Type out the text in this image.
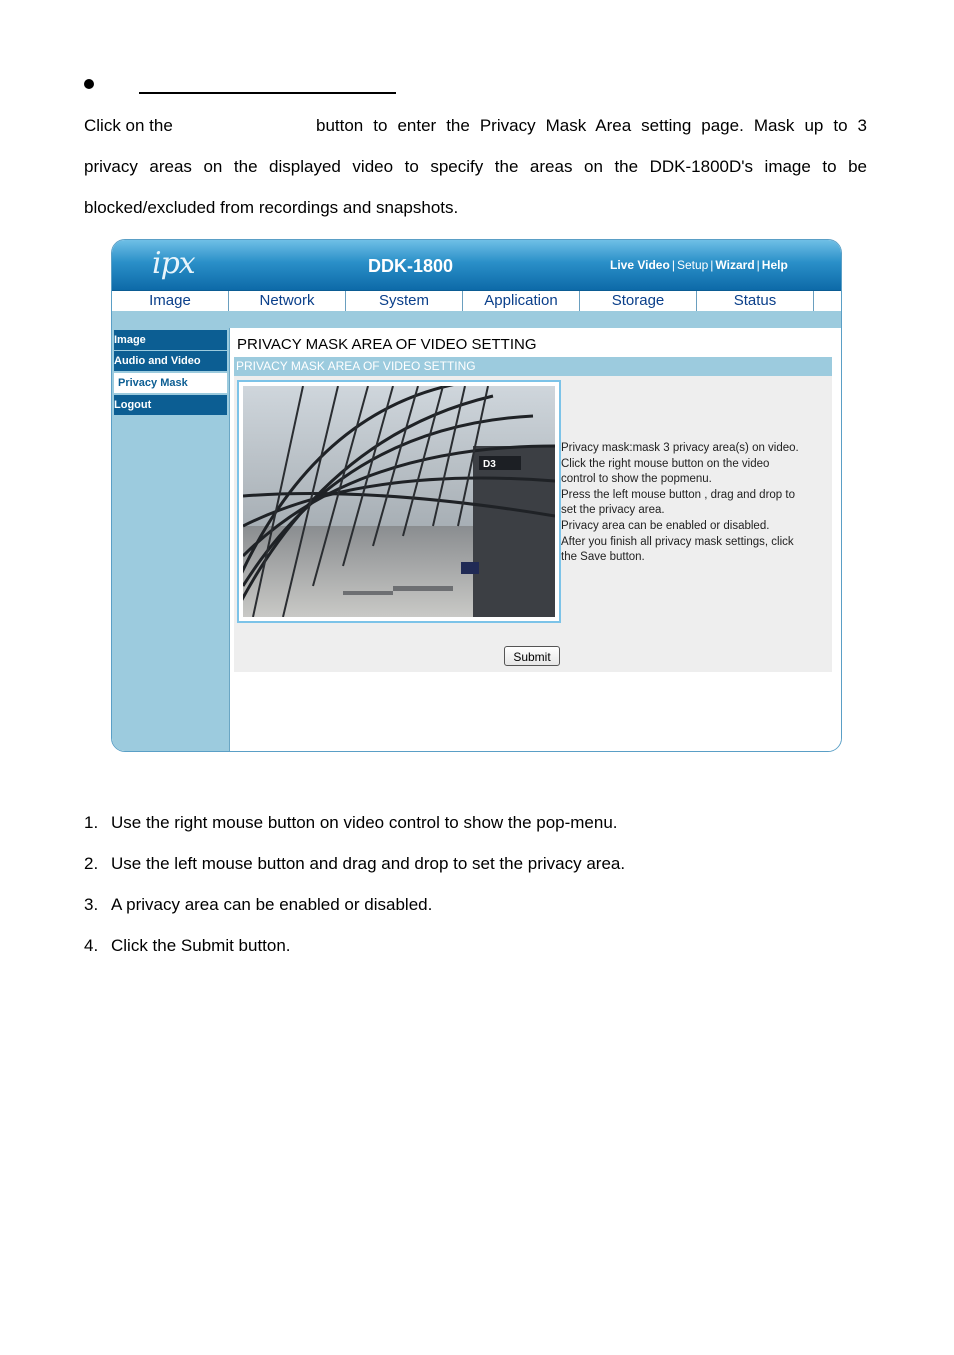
Click on the	button to enter the Privacy Mask Area setting page. Mask up to 3
privacy areas on the displayed video to specify the areas on the DDK-1800D's image to be
blocked/excluded from recordings and snapshots.
ipx	DDK-1800	Live Video | Setup | Wizard | Help
Image	Network	System	Application	Storage	Status
Image
Audio and Video
Privacy Mask
Logout
PRIVACY MASK AREA OF VIDEO SETTING
PRIVACY MASK AREA OF VIDEO SETTING
D3
Privacy mask:mask 3 privacy area(s) on video.
Click the right mouse button on the video
control to show the popmenu.
Press the left mouse button , drag and drop to
set the privacy area.
Privacy area can be enabled or disabled.
After you finish all privacy mask settings, click
the Save button.
Submit
1. Use the right mouse button on video control to show the pop-menu.
2. Use the left mouse button and drag and drop to set the privacy area.
3. A privacy area can be enabled or disabled.
4. Click the Submit button.
